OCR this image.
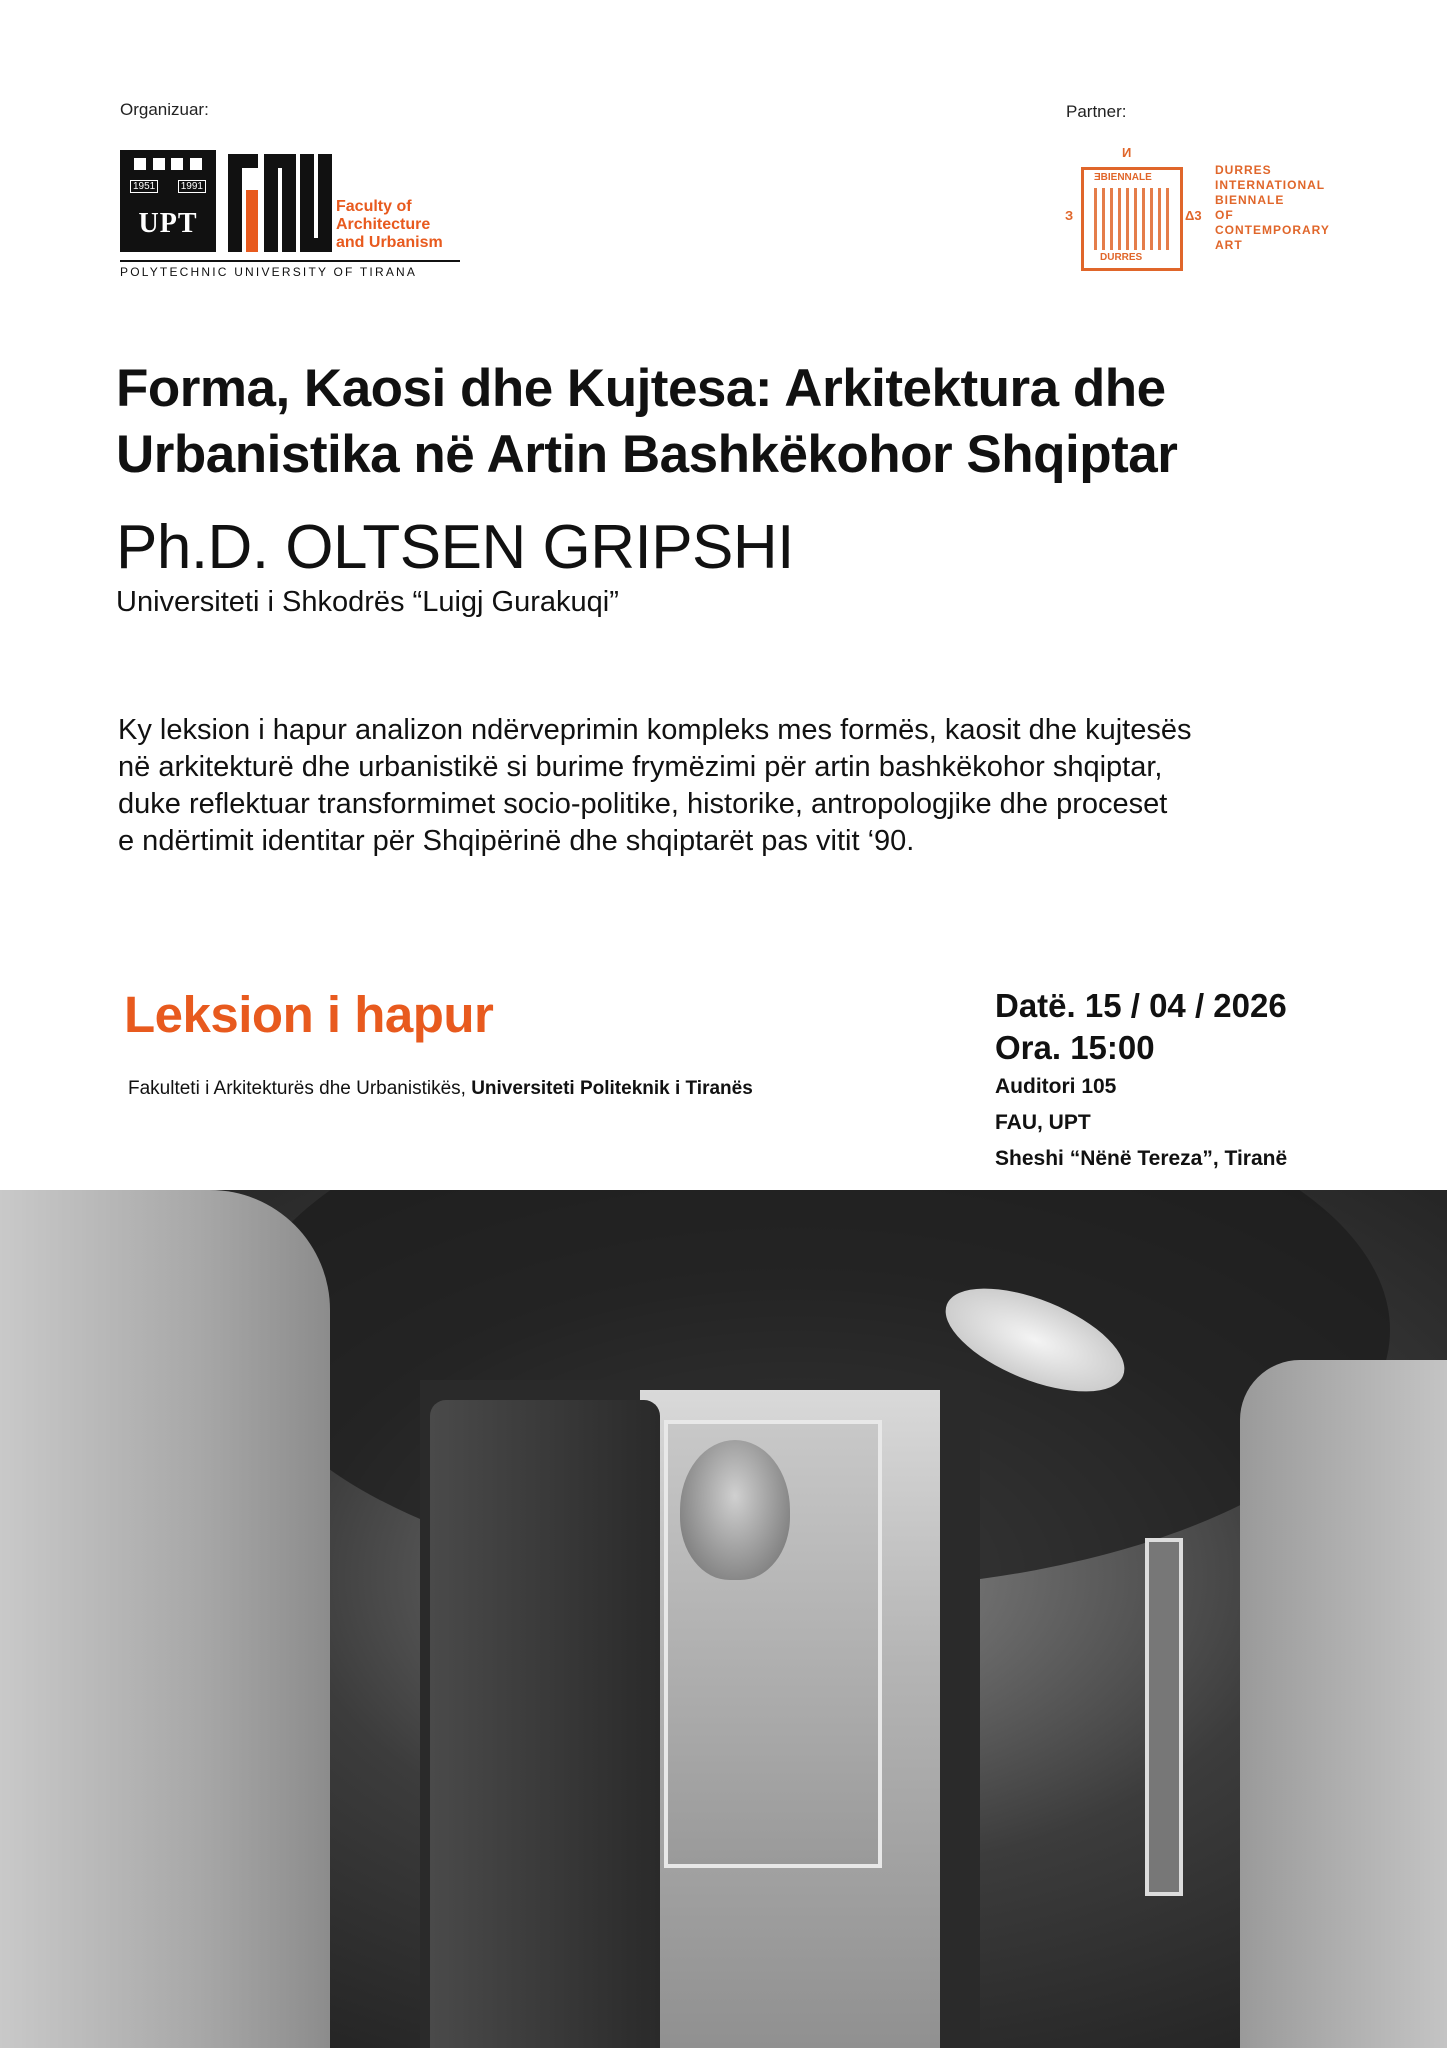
Organizuar:	Partner:
1951	1991
UPT
Faculty of
Architecture
and Urbanism
POLYTECHNIC UNIVERSITY OF TIRANA
И
З	Δ3
ƎBIENNALE
DURRES
DURRES
INTERNATIONAL
BIENNALE
OF
CONTEMPORARY
ART
Forma, Kaosi dhe Kujtesa: Arkitektura dhe
Urbanistika në Artin Bashkëkohor Shqiptar
Ph.D. OLTSEN GRIPSHI
Universiteti i Shkodrës “Luigj Gurakuqi”
Ky leksion i hapur analizon ndërveprimin kompleks mes formës, kaosit dhe kujtesës
në arkitekturë dhe urbanistikë si burime frymëzimi për artin bashkëkohor shqiptar,
duke reflektuar transformimet socio-politike, historike, antropologjike dhe proceset
e ndërtimit identitar për Shqipërinë dhe shqiptarët pas vitit ‘90.
Leksion i hapur
Fakulteti i Arkitekturës dhe Urbanistikës, Universiteti Politeknik i Tiranës
Datë. 15 / 04 / 2026
Ora. 15:00
Auditori 105
FAU, UPT
Sheshi “Nënë Tereza”, Tiranë
